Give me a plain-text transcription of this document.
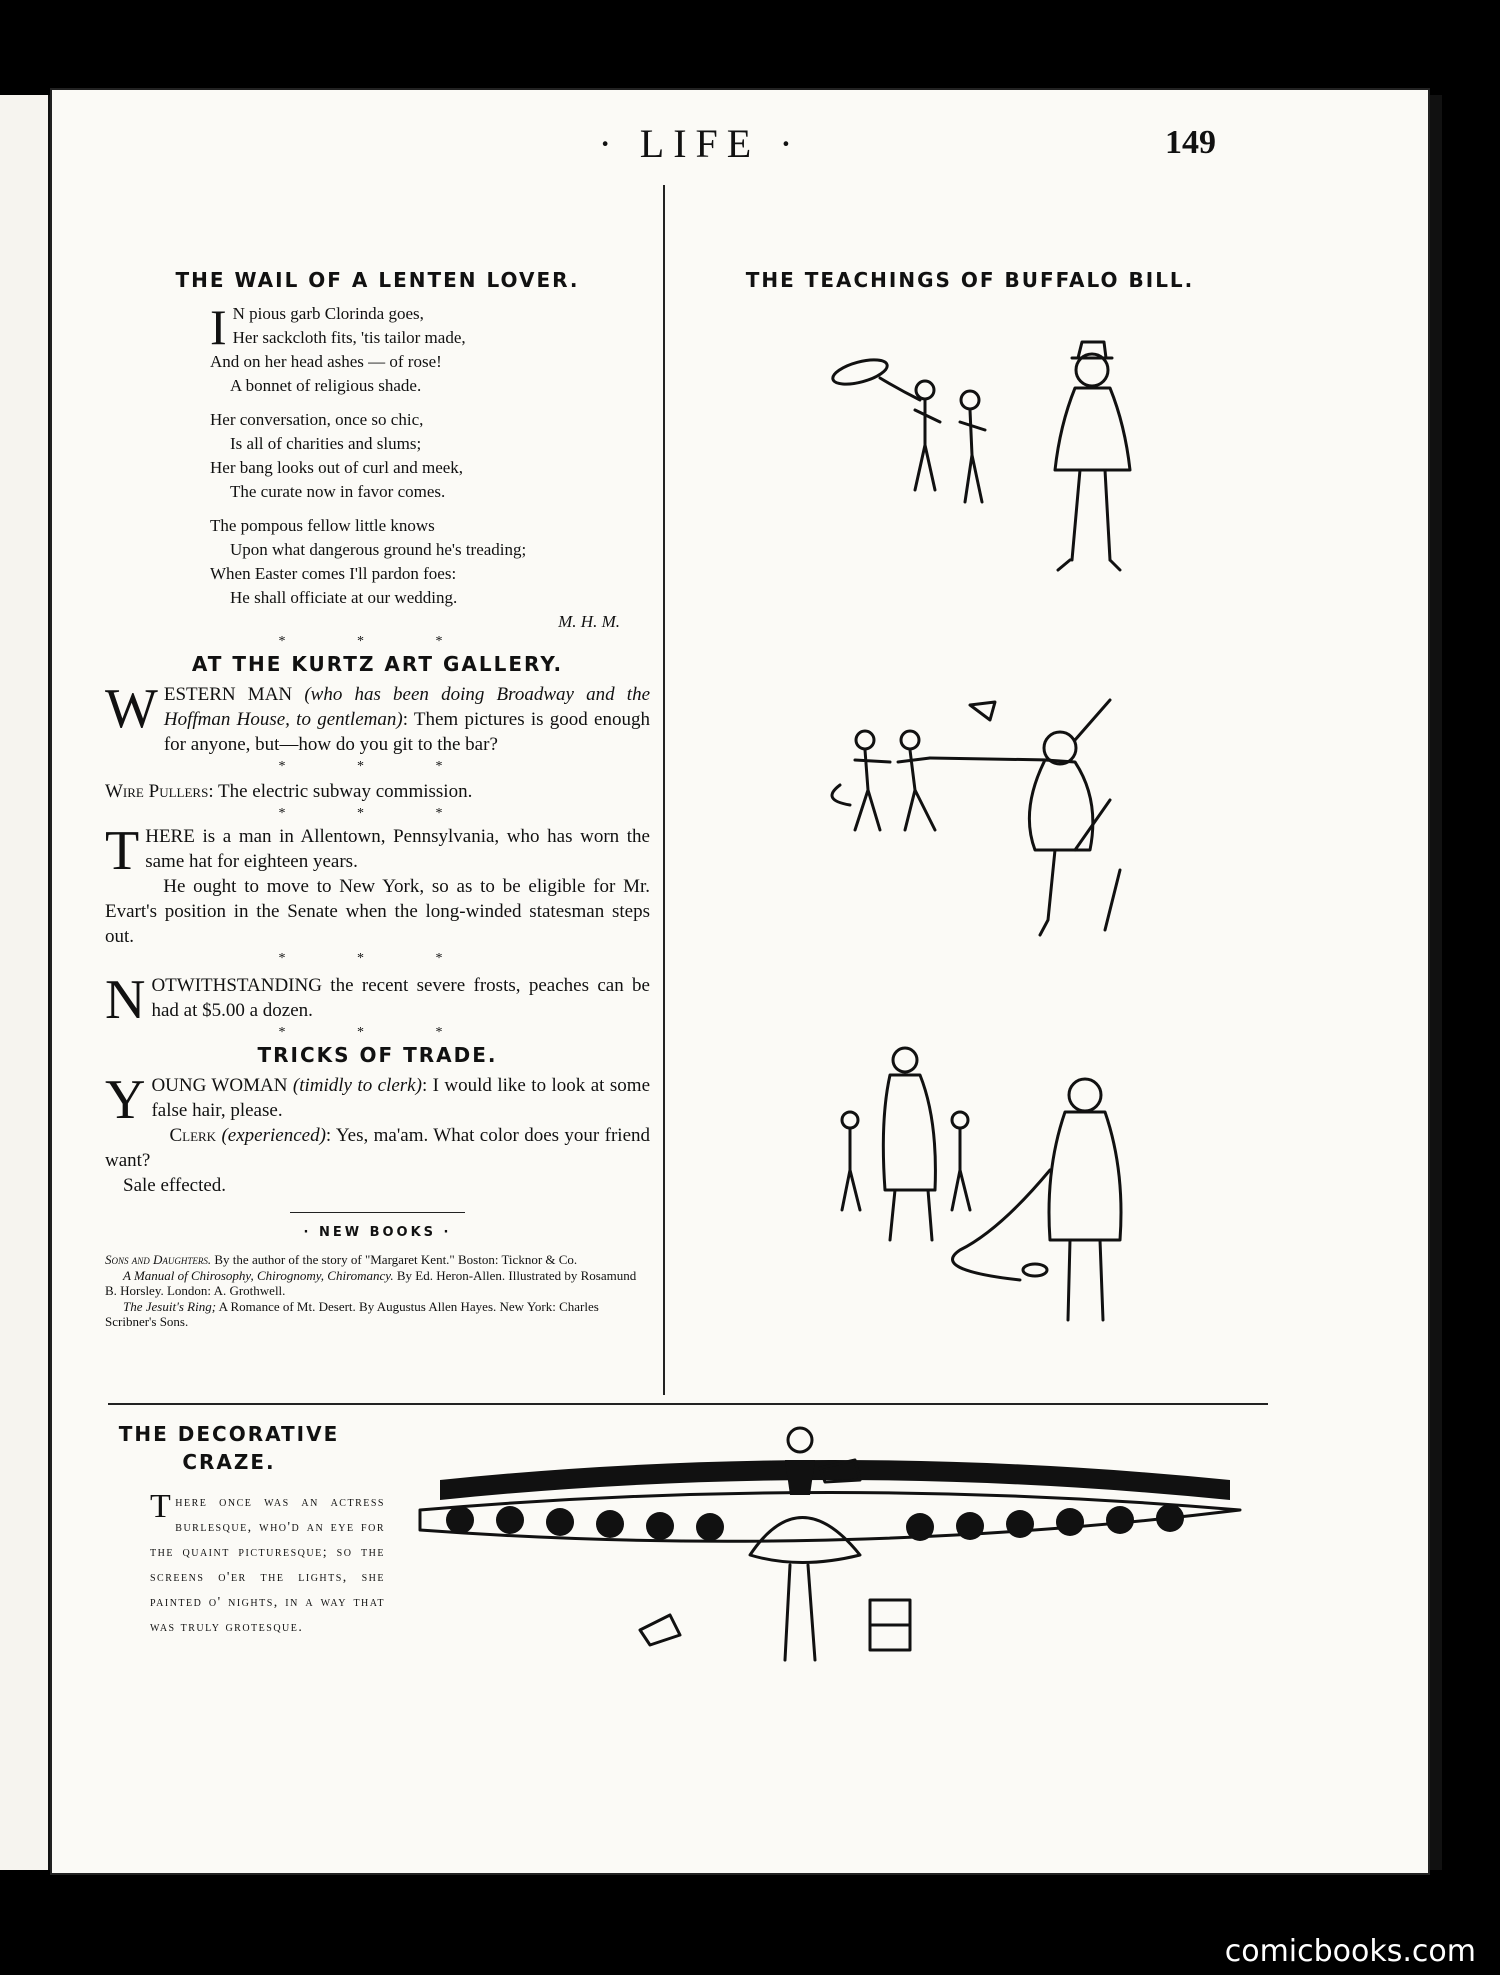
· LIFE ·	149
THE WAIL OF A LENTEN LOVER.
I N pious garb Clorinda goes,
Her sackcloth fits, 'tis tailor made,
And on her head ashes — of rose!
A bonnet of religious shade.
Her conversation, once so chic,
Is all of charities and slums;
Her bang looks out of curl and meek,
The curate now in favor comes.
The pompous fellow little knows
Upon what dangerous ground he's treading;
When Easter comes I'll pardon foes:
He shall officiate at our wedding.
M. H. M.
* * *
AT THE KURTZ ART GALLERY.
WESTERN MAN (who has been doing Broadway and the Hoffman House, to gentleman): Them pictures is good enough for anyone, but—how do you git to the bar?
* * *
Wire Pullers: The electric subway commission.
* * *
THERE is a man in Allentown, Pennsylvania, who has worn the same hat for eighteen years.
He ought to move to New York, so as to be eligible for Mr. Evart's position in the Senate when the long-winded statesman steps out.
* * *
NOTWITHSTANDING the recent severe frosts, peaches can be had at $5.00 a dozen.
* * *
TRICKS OF TRADE.
YOUNG WOMAN (timidly to clerk): I would like to look at some false hair, please.
Clerk (experienced): Yes, ma'am. What color does your friend want?
Sale effected.
· NEW BOOKS ·
Sons and Daughters. By the author of the story of "Margaret Kent." Boston: Ticknor & Co.
A Manual of Chirosophy, Chirognomy, Chiromancy. By Ed. Heron-Allen. Illustrated by Rosamund B. Horsley. London: A. Grothwell.
The Jesuit's Ring; A Romance of Mt. Desert. By Augustus Allen Hayes. New York: Charles Scribner's Sons.
THE TEACHINGS OF BUFFALO BILL.
THE DECORATIVE
CRAZE.
There once was an actress burlesque, who'd an eye for the quaint picturesque; so the screens o'er the lights, she painted o' nights, in a way that was truly grotesque.
comicbooks.com
